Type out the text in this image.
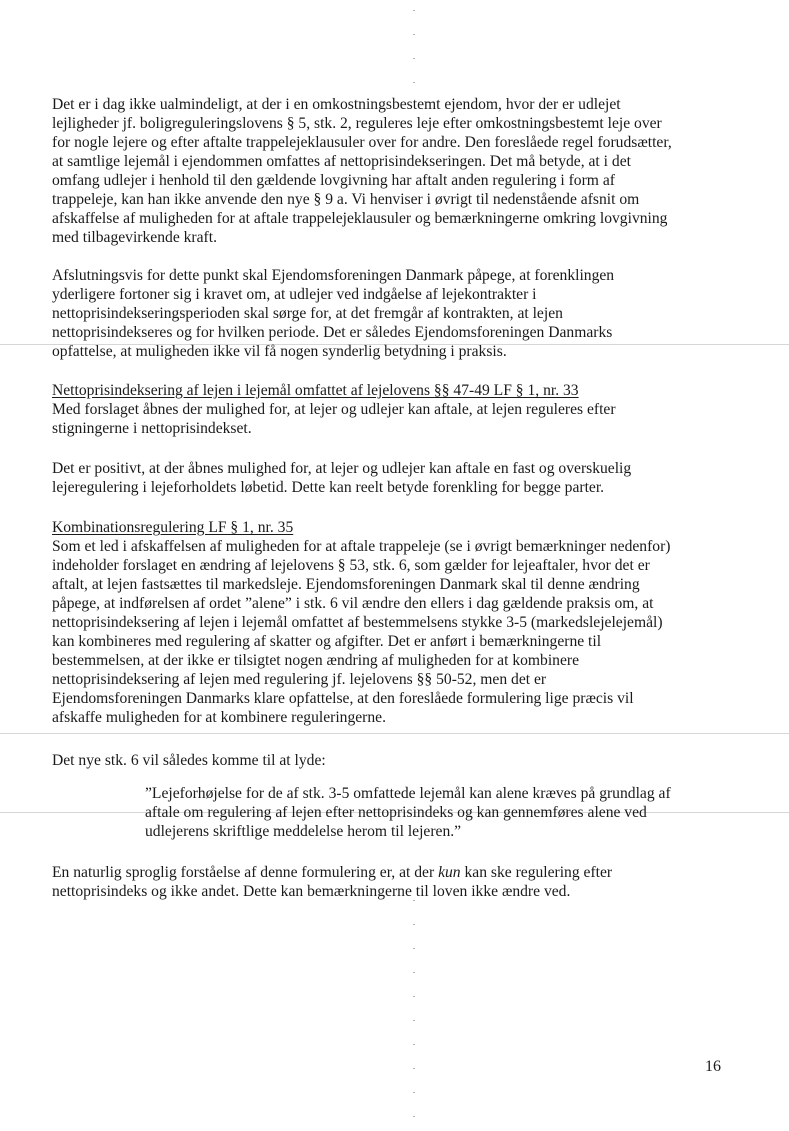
Det er i dag ikke ualmindeligt, at der i en omkostningsbestemt ejendom, hvor der er udlejet
lejligheder jf. boligreguleringslovens § 5, stk. 2, reguleres leje efter omkostningsbestemt leje over
for nogle lejere og efter aftalte trappelejeklausuler over for andre. Den foreslåede regel forudsætter,
at samtlige lejemål i ejendommen omfattes af nettoprisindekseringen. Det må betyde, at i det
omfang udlejer i henhold til den gældende lovgivning har aftalt anden regulering i form af
trappeleje, kan han ikke anvende den nye § 9 a. Vi henviser i øvrigt til nedenstående afsnit om
afskaffelse af muligheden for at aftale trappelejeklausuler og bemærkningerne omkring lovgivning
med tilbagevirkende kraft.
Afslutningsvis for dette punkt skal Ejendomsforeningen Danmark påpege, at forenklingen
yderligere fortoner sig i kravet om, at udlejer ved indgåelse af lejekontrakter i
nettoprisindekseringsperioden skal sørge for, at det fremgår af kontrakten, at lejen
nettoprisindekseres og for hvilken periode. Det er således Ejendomsforeningen Danmarks
opfattelse, at muligheden ikke vil få nogen synderlig betydning i praksis.
Nettoprisindeksering af lejen i lejemål omfattet af lejelovens §§ 47-49 LF § 1, nr. 33
Med forslaget åbnes der mulighed for, at lejer og udlejer kan aftale, at lejen reguleres efter
stigningerne i nettoprisindekset.
Det er positivt, at der åbnes mulighed for, at lejer og udlejer kan aftale en fast og overskuelig
lejeregulering i lejeforholdets løbetid. Dette kan reelt betyde forenkling for begge parter.
Kombinationsregulering LF § 1, nr. 35
Som et led i afskaffelsen af muligheden for at aftale trappeleje (se i øvrigt bemærkninger nedenfor)
indeholder forslaget en ændring af lejelovens § 53, stk. 6, som gælder for lejeaftaler, hvor det er
aftalt, at lejen fastsættes til markedsleje. Ejendomsforeningen Danmark skal til denne ændring
påpege, at indførelsen af ordet ”alene” i stk. 6 vil ændre den ellers i dag gældende praksis om, at
nettoprisindeksering af lejen i lejemål omfattet af bestemmelsens stykke 3-5 (markedslejelejemål)
kan kombineres med regulering af skatter og afgifter. Det er anført i bemærkningerne til
bestemmelsen, at der ikke er tilsigtet nogen ændring af muligheden for at kombinere
nettoprisindeksering af lejen med regulering jf. lejelovens §§ 50-52, men det er
Ejendomsforeningen Danmarks klare opfattelse, at den foreslåede formulering lige præcis vil
afskaffe muligheden for at kombinere reguleringerne.
Det nye stk. 6 vil således komme til at lyde:
”Lejeforhøjelse for de af stk. 3-5 omfattede lejemål kan alene kræves på grundlag af
aftale om regulering af lejen efter nettoprisindeks og kan gennemføres alene ved
udlejerens skriftlige meddelelse herom til lejeren.”
En naturlig sproglig forståelse af denne formulering er, at der kun kan ske regulering efter
nettoprisindeks og ikke andet. Dette kan bemærkningerne til loven ikke ændre ved.
16
